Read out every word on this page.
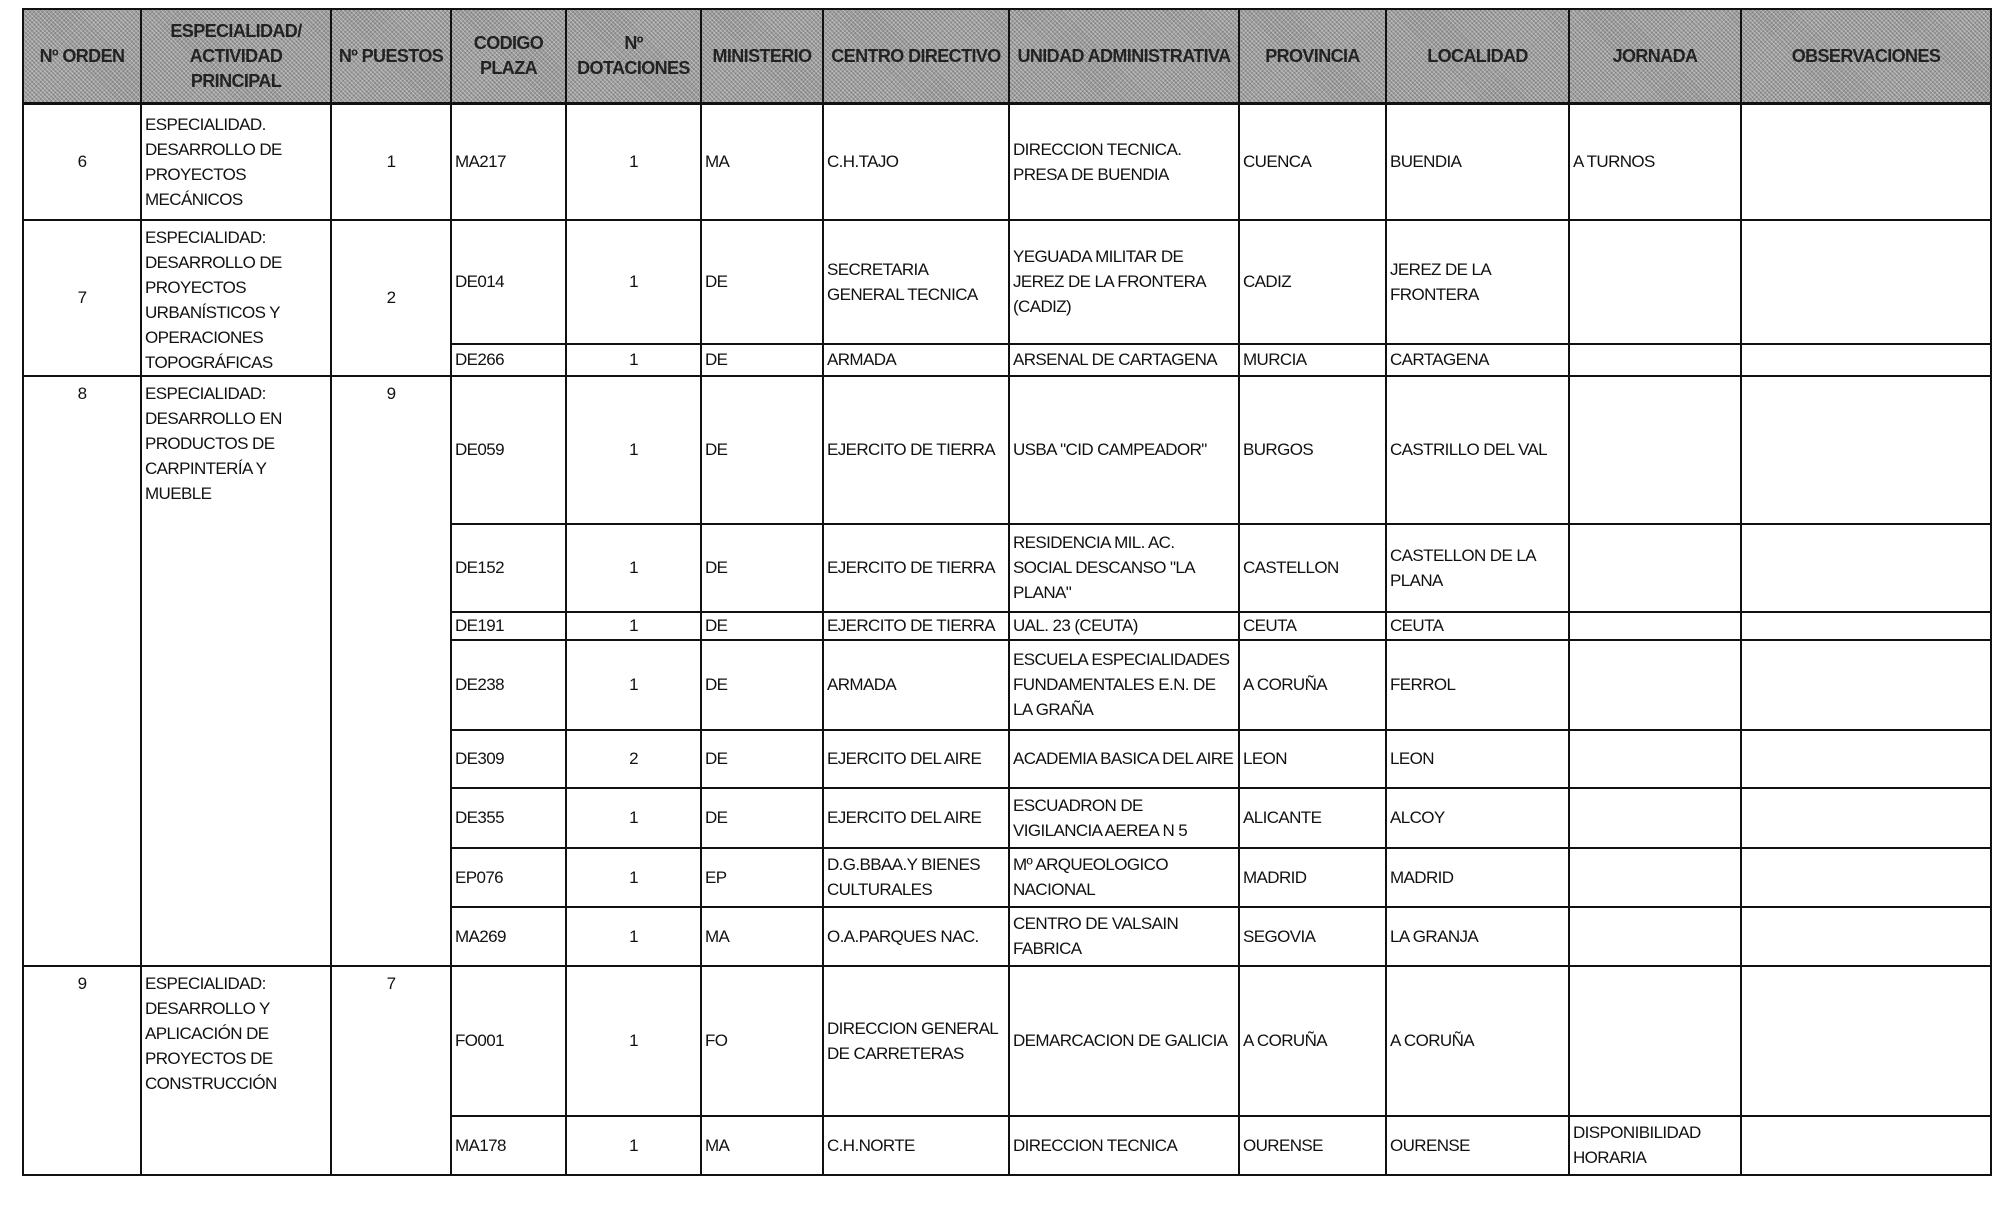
Nº ORDEN	ESPECIALIDAD/ ACTIVIDAD PRINCIPAL	Nº PUESTOS	CODIGO PLAZA	Nº DOTACIONES	MINISTERIO	CENTRO DIRECTIVO	UNIDAD ADMINISTRATIVA	PROVINCIA	LOCALIDAD	JORNADA	OBSERVACIONES
6	ESPECIALIDAD. DESARROLLO DE PROYECTOS MECÁNICOS	1	MA217	1	MA	C.H.TAJO	DIRECCION TECNICA. PRESA DE BUENDIA	CUENCA	BUENDIA	A TURNOS	
7	ESPECIALIDAD: DESARROLLO DE PROYECTOS URBANÍSTICOS Y OPERACIONES TOPOGRÁFICAS	2	DE014	1	DE	SECRETARIA GENERAL TECNICA	YEGUADA MILITAR DE JEREZ DE LA FRONTERA (CADIZ)	CADIZ	JEREZ DE LA FRONTERA		
			DE266	1	DE	ARMADA	ARSENAL DE CARTAGENA	MURCIA	CARTAGENA		
8	ESPECIALIDAD: DESARROLLO EN PRODUCTOS DE CARPINTERÍA Y MUEBLE	9	DE059	1	DE	EJERCITO DE TIERRA	USBA "CID CAMPEADOR"	BURGOS	CASTRILLO DEL VAL		
			DE152	1	DE	EJERCITO DE TIERRA	RESIDENCIA MIL. AC. SOCIAL DESCANSO "LA PLANA"	CASTELLON	CASTELLON DE LA PLANA		
			DE191	1	DE	EJERCITO DE TIERRA	UAL. 23 (CEUTA)	CEUTA	CEUTA		
			DE238	1	DE	ARMADA	ESCUELA ESPECIALIDADES FUNDAMENTALES E.N. DE LA GRAÑA	A CORUÑA	FERROL		
			DE309	2	DE	EJERCITO DEL AIRE	ACADEMIA BASICA DEL AIRE	LEON	LEON		
			DE355	1	DE	EJERCITO DEL AIRE	ESCUADRON DE VIGILANCIA AEREA N 5	ALICANTE	ALCOY		
			EP076	1	EP	D.G.BBAA.Y BIENES CULTURALES	Mº ARQUEOLOGICO NACIONAL	MADRID	MADRID		
			MA269	1	MA	O.A.PARQUES NAC.	CENTRO DE VALSAIN FABRICA	SEGOVIA	LA GRANJA		
9	ESPECIALIDAD: DESARROLLO Y APLICACIÓN DE PROYECTOS DE CONSTRUCCIÓN	7	FO001	1	FO	DIRECCION GENERAL DE CARRETERAS	DEMARCACION DE GALICIA	A CORUÑA	A CORUÑA		
			MA178	1	MA	C.H.NORTE	DIRECCION TECNICA	OURENSE	OURENSE	DISPONIBILIDAD HORARIA	
